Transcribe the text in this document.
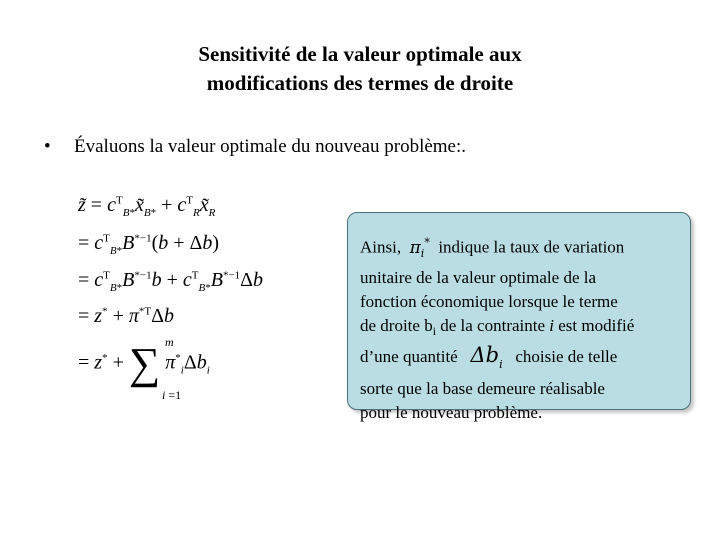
Sensitivité de la valeur optimale aux
modifications des termes de droite
• Évaluons la valeur optimale du nouveau problème:.
z̃ = $c^T_{B*}x̃_{B*}$ + $c^T_Rx̃_R$
= $c^T_{B*}B^{*-1}(b + \Delta b)$
= $c^T_{B*}B^{*-1}b + c^T_{B*}B^{*-1}\Delta b$
= $z^* + \pi^{*T}\Delta b$
= z* + ∑ $\pi^*_i\Delta b_i$
m
i =1
Ainsi, $\pi_i^*$ indique la taux de variation
unitaire de la valeur optimale de la
fonction économique lorsque le terme
de droite $b_i$ de la contrainte i est modifié
d’une quantité $\Delta b_i$ choisie de telle
sorte que la base demeure réalisable
pour le nouveau problème.
